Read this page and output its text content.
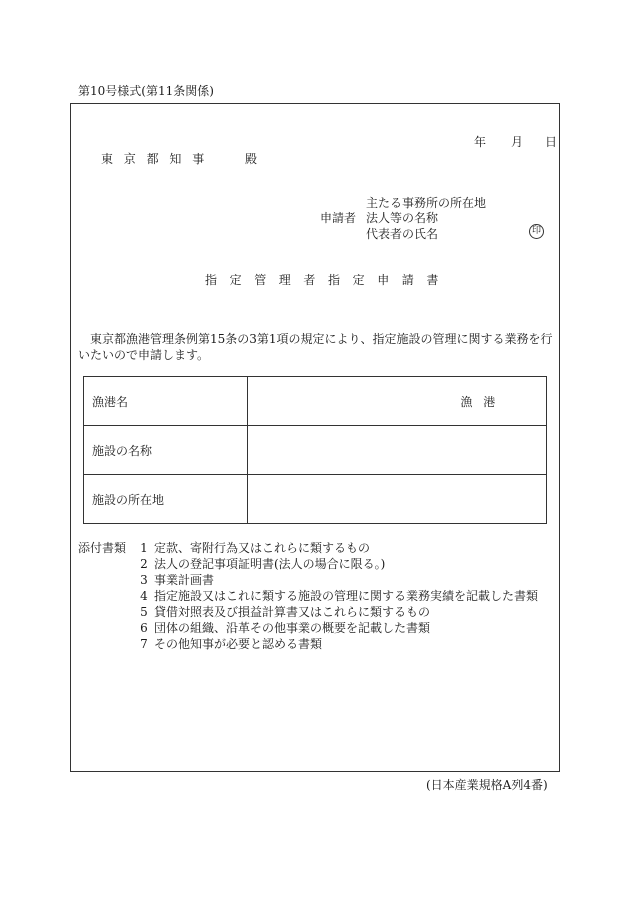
第10号様式(第11条関係)
年 月 日
東京都知事 殿
主たる事務所の所在地
申請者 法人等の名称
代表者の氏名	印
指定管理者指定申請書
東京都漁港管理条例第15条の3第1項の規定により、指定施設の管理に関する業務を行いたいので申請します。
漁港名	漁港
施設の名称	
施設の所在地	
添付書類	1 定款、寄附行為又はこれらに類するもの
2 法人の登記事項証明書(法人の場合に限る。)
3 事業計画書
4 指定施設又はこれに類する施設の管理に関する業務実績を記載した書類
5 貸借対照表及び損益計算書又はこれらに類するもの
6 団体の組織、沿革その他事業の概要を記載した書類
7 その他知事が必要と認める書類
(日本産業規格A列4番)
